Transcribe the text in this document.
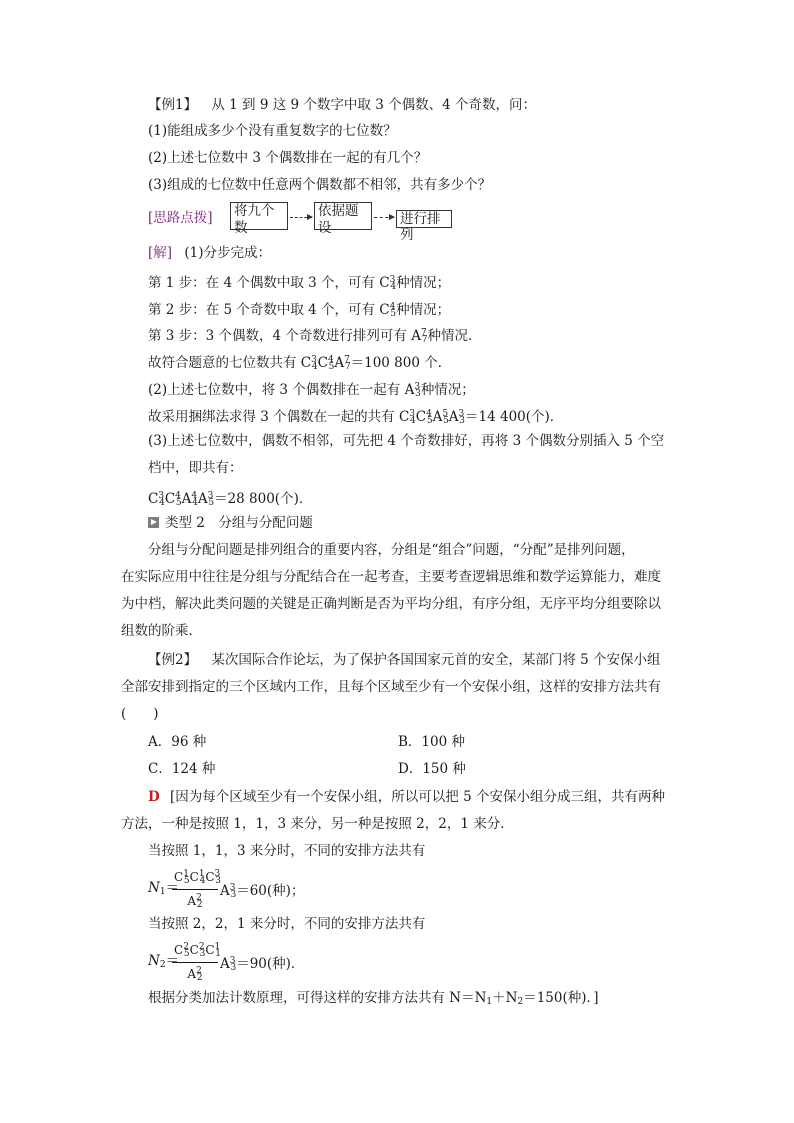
【例1】 从 1 到 9 这 9 个数字中取 3 个偶数、4 个奇数，问：
(1)能组成多少个没有重复数字的七位数？
(2)上述七位数中 3 个偶数排在一起的有几个？
(3)组成的七位数中任意两个偶数都不相邻，共有多少个？
[思路点拨] 将九个数
依据题设
进行排列
[解] (1)分步完成：
第 1 步：在 4 个偶数中取 3 个，可有 $C^3_4$种情况；
第 2 步：在 5 个奇数中取 4 个，可有 $C^4_5$种情况；
第 3 步：3 个偶数，4 个奇数进行排列可有 $A^7_7$种情况．
故符合题意的七位数共有 $C^3_4C^4_5A^7_7=100$ 800 个．
(2)上述七位数中，将 3 个偶数排在一起有 $A^3_3$种情况；
故采用捆绑法求得 3 个偶数在一起的共有 $C^3_4C^4_5A^5_5A^3_3=14$ 400(个)．
(3)上述七位数中，偶数不相邻，可先把 4 个奇数排好，再将 3 个偶数分别插入 5 个空
档中，即共有：
$C^3_4C^4_5A^4_4A^3_5=28$ 800(个)．
类型 2　分组与分配问题
分组与分配问题是排列组合的重要内容，分组是“组合”问题，“分配”是排列问题，
在实际应用中往往是分组与分配结合在一起考查，主要考查逻辑思维和数学运算能力，难度
为中档，解决此类问题的关键是正确判断是否为平均分组，有序分组，无序平均分组要除以
组数的阶乘．
【例2】 某次国际合作论坛，为了保护各国国家元首的安全，某部门将 5 个安保小组
全部安排到指定的三个区域内工作，且每个区域至少有一个安保小组，这样的安排方法共有
(　　)
A．96 种	B．100 种
C．124 种	D．150 种
D [因为每个区域至少有一个安保小组，所以可以把 5 个安保小组分成三组，共有两种
方法，一种是按照 1，1，3 来分，另一种是按照 2，2，1 来分．
当按照 1，1，3 来分时，不同的安排方法共有
$N_1=$
$\frac{C^1_5C^1_4C^3_3}{A^2_2} A^3_3=60$(种)；
当按照 2，2，1 来分时，不同的安排方法共有
$N_2=$
$\frac{C^2_5C^2_3C^1_1}{A^2_2} A^3_3=90$(种)．
根据分类加法计数原理，可得这样的安排方法共有 $N=N_1+N_2=150$(种)．]
